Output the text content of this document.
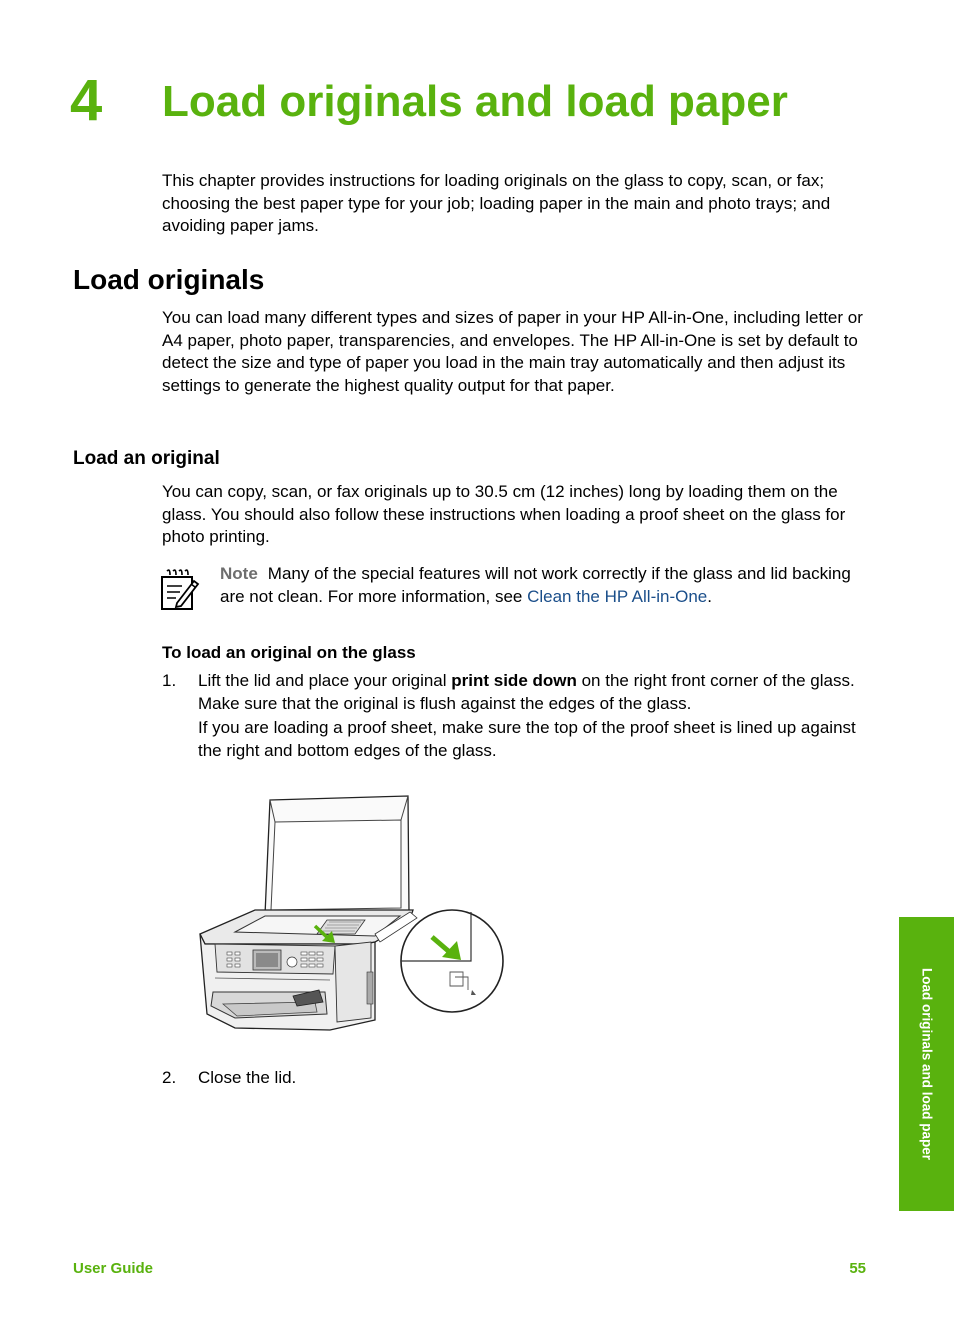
4 Load originals and load paper

This chapter provides instructions for loading originals on the glass to copy, scan, or fax; choosing the best paper type for your job; loading paper in the main and photo trays; and avoiding paper jams.

Load originals

You can load many different types and sizes of paper in your HP All-in-One, including letter or A4 paper, photo paper, transparencies, and envelopes. The HP All-in-One is set by default to detect the size and type of paper you load in the main tray automatically and then adjust its settings to generate the highest quality output for that paper.

Load an original

You can copy, scan, or fax originals up to 30.5 cm (12 inches) long by loading them on the glass. You should also follow these instructions when loading a proof sheet on the glass for photo printing.

Note Many of the special features will not work correctly if the glass and lid backing are not clean. For more information, see Clean the HP All-in-One.

To load an original on the glass
1. Lift the lid and place your original print side down on the right front corner of the glass. Make sure that the original is flush against the edges of the glass.

If you are loading a proof sheet, make sure the top of the proof sheet is lined up against the right and bottom edges of the glass.

2. Close the lid.	Load originals and load paper
User Guide	55
